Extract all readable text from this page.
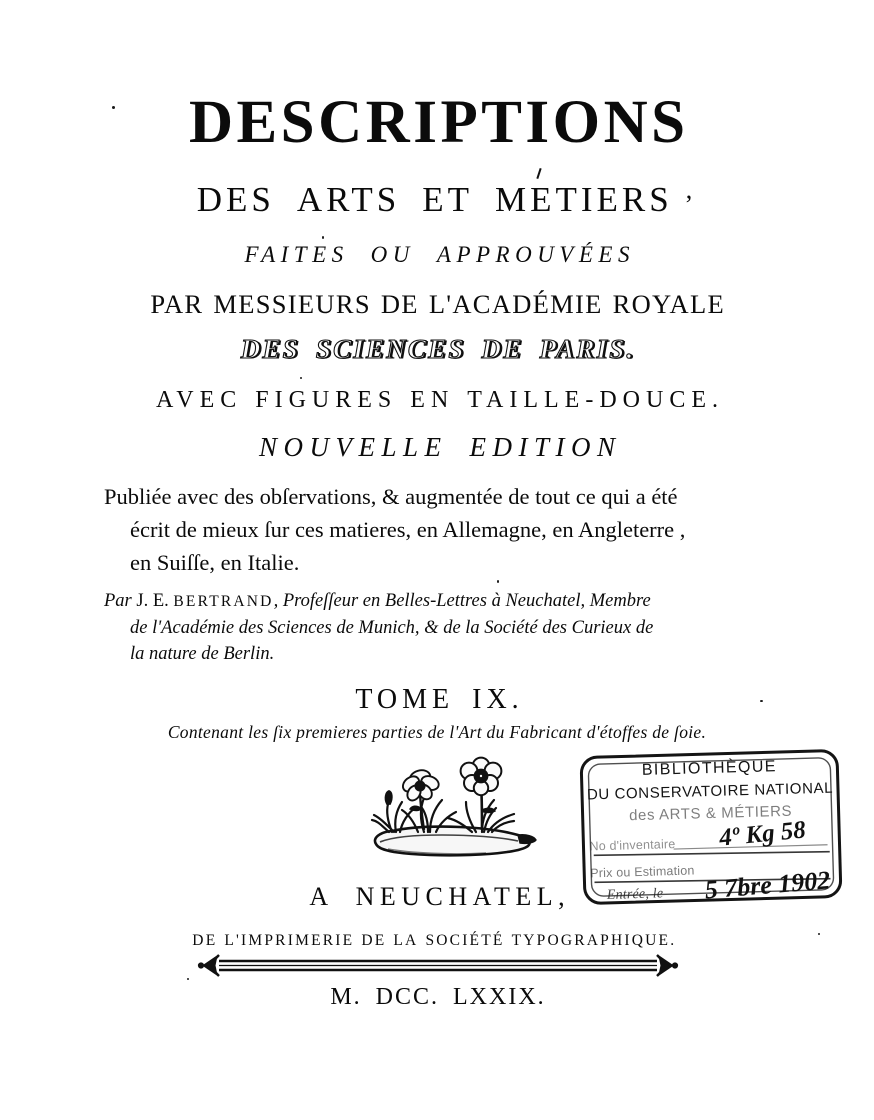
DESCRIPTIONS
DES ARTS ET METIERS ,
FAITES OU APPROUVÉES
PAR MESSIEURS DE L'ACADÉMIE ROYALE
DES SCIENCES DE PARIS.
AVEC FIGURES EN TAILLE-DOUCE.
NOUVELLE EDITION
Publiée avec des obſervations, & augmentée de tout ce qui a été
écrit de mieux ſur ces matieres, en Allemagne, en Angleterre ,
en Suiſſe, en Italie.
Par J. E. BERTRAND, Profeſſeur en Belles-Lettres à Neuchatel, Membre
de l'Académie des Sciences de Munich, & de la Société des Curieux de
la nature de Berlin.
TOME IX.
Contenant les ſix premieres parties de l'Art du Fabricant d'étoffes de ſoie.
BIBLIOTHÈQUE
DU CONSERVATOIRE NATIONAL
des ARTS & MÉTIERS
No d'inventaire
Prix ou Estimation
Entrée, le
4º Kg 58
5 7bre 1902
A NEUCHATEL,
DE L'IMPRIMERIE DE LA SOCIÉTÉ TYPOGRAPHIQUE.
M. DCC. LXXIX.
